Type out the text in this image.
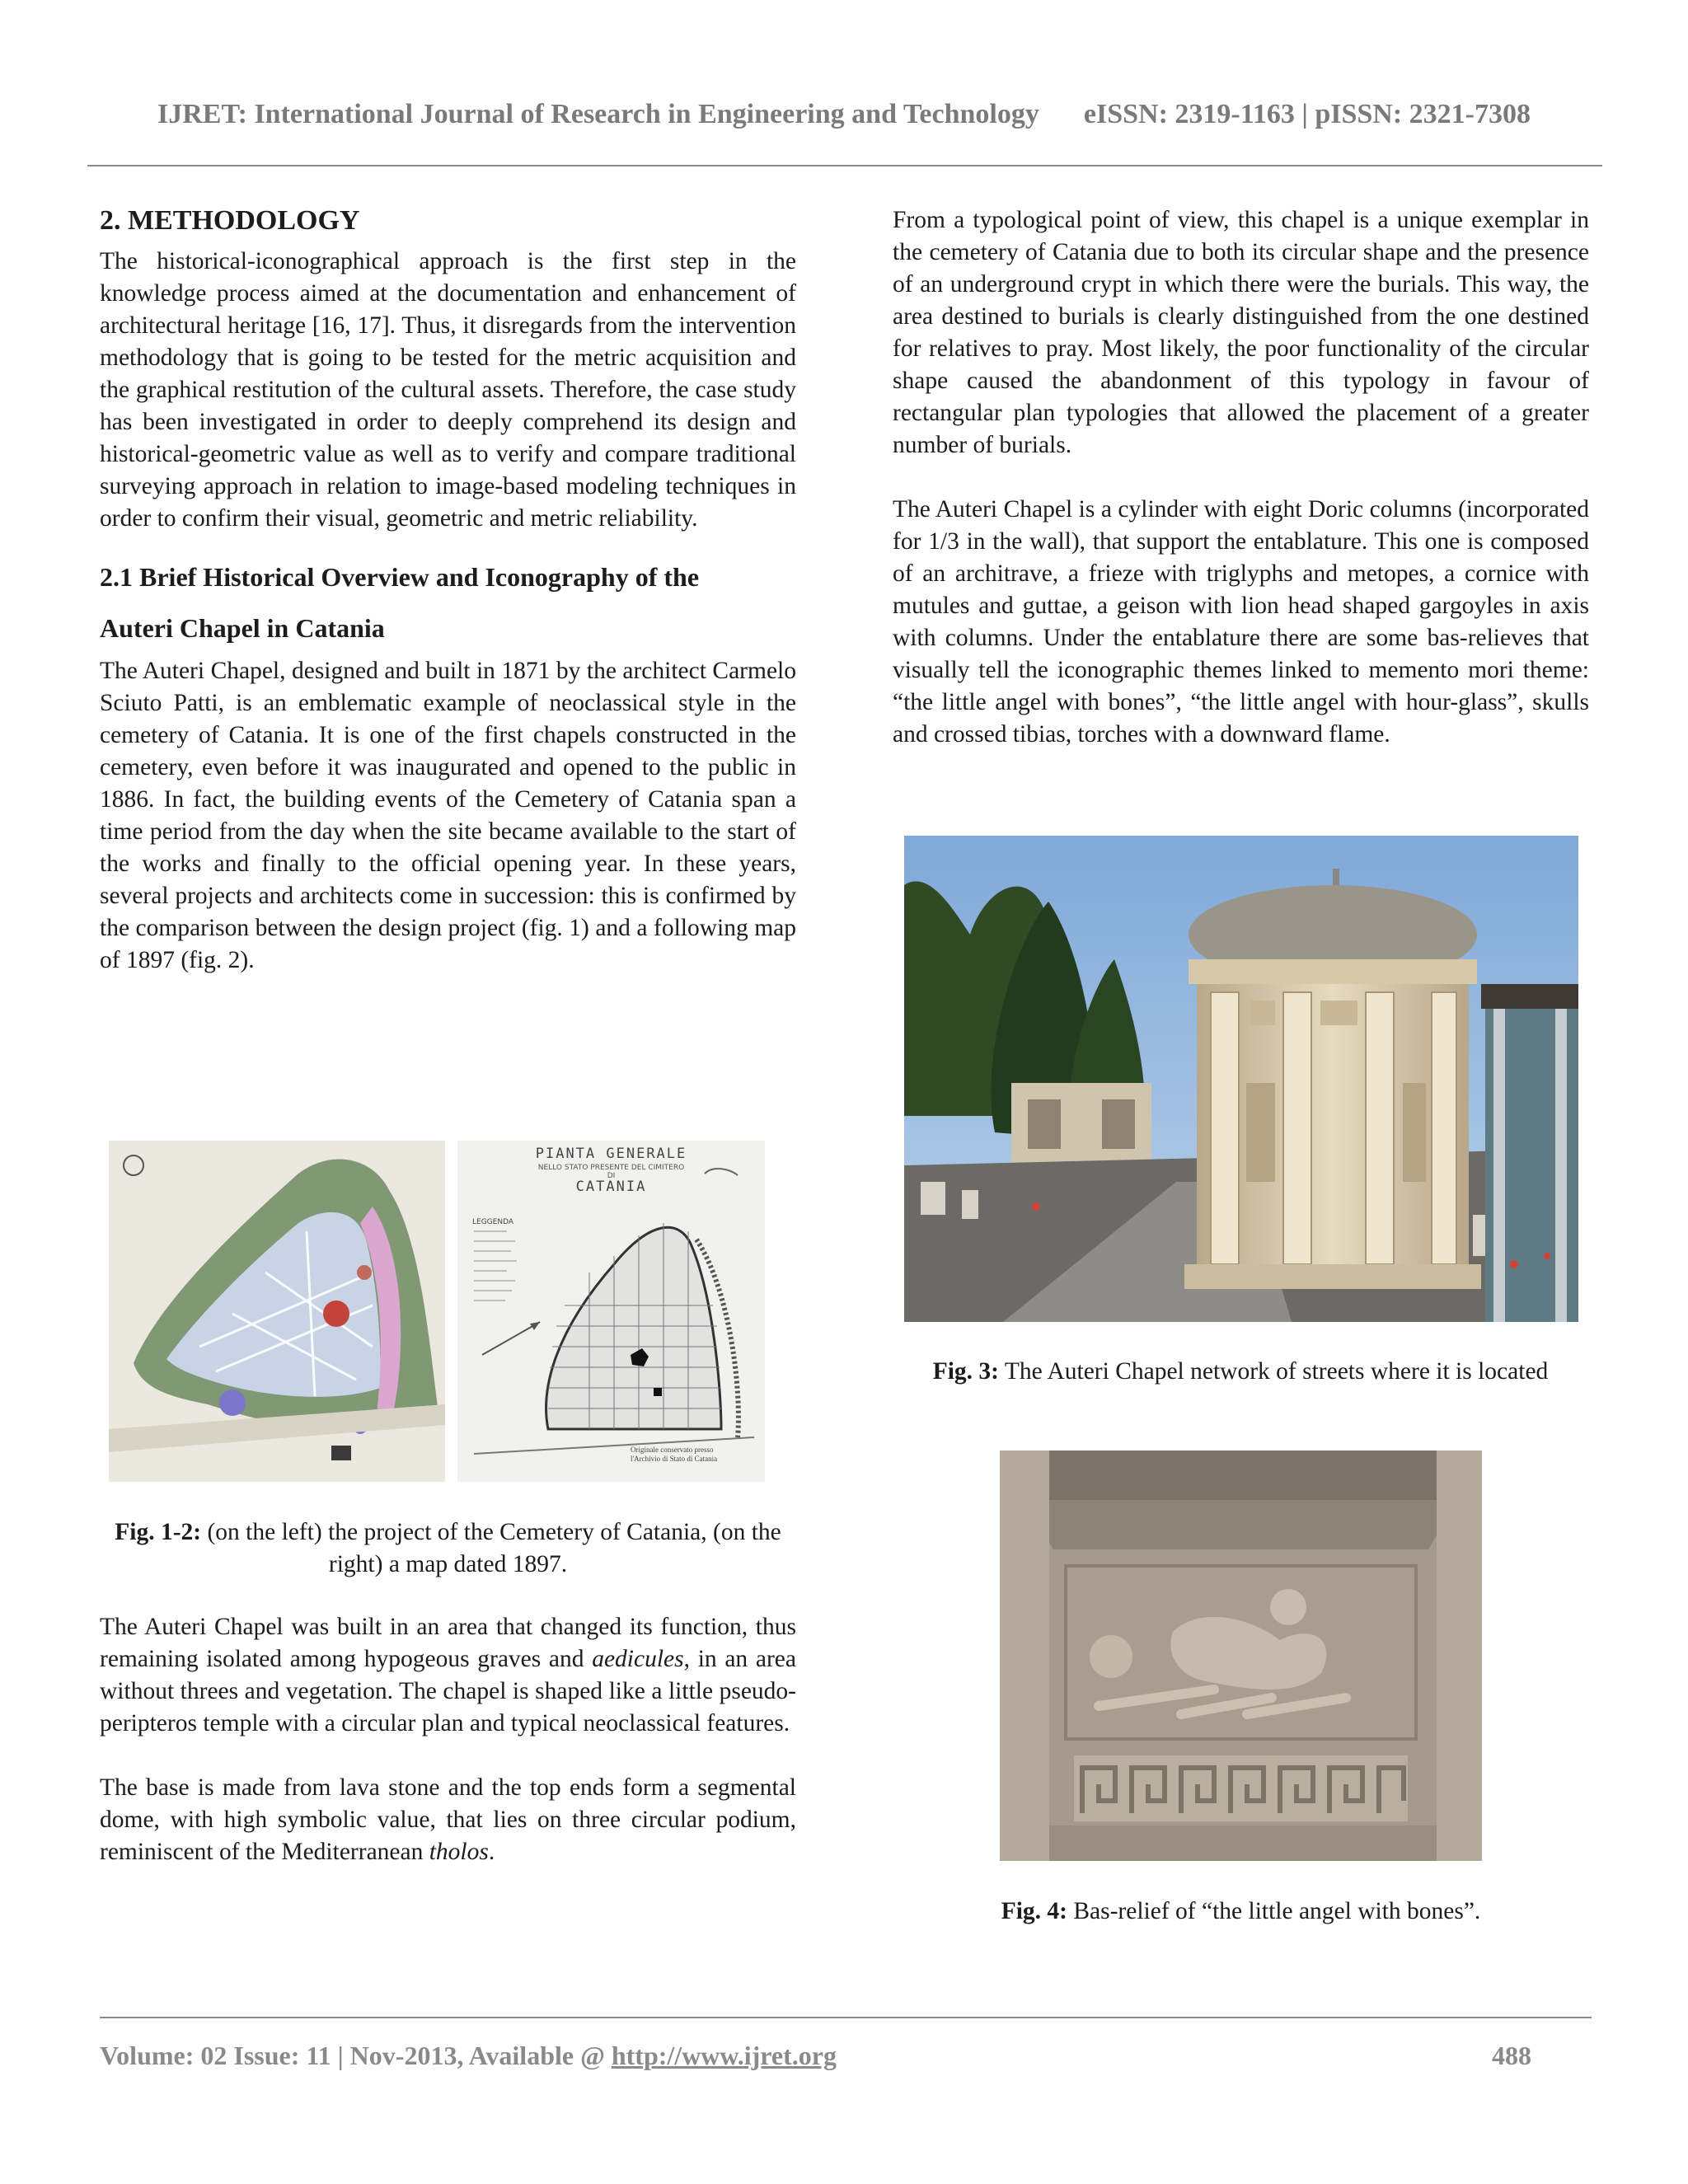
IJRET: International Journal of Research in Engineering and Technology eISSN: 2319-1163 | pISSN: 2321-7308

2. METHODOLOGY

The historical-iconographical approach is the first step in the knowledge process aimed at the documentation and enhancement of architectural heritage [16, 17]. Thus, it disregards from the intervention methodology that is going to be tested for the metric acquisition and the graphical restitution of the cultural assets. Therefore, the case study has been investigated in order to deeply comprehend its design and historical-geometric value as well as to verify and compare traditional surveying approach in relation to image-based modeling techniques in order to confirm their visual, geometric and metric reliability.

2.1 Brief Historical Overview and Iconography of the

Auteri Chapel in Catania

The Auteri Chapel, designed and built in 1871 by the architect Carmelo Sciuto Patti, is an emblematic example of neoclassical style in the cemetery of Catania. It is one of the first chapels constructed in the cemetery, even before it was inaugurated and opened to the public in 1886. In fact, the building events of the Cemetery of Catania span a time period from the day when the site became available to the start of the works and finally to the official opening year. In these years, several projects and architects come in succession: this is confirmed by the comparison between the design project (fig. 1) and a following map of 1897 (fig. 2).

PIANTA GENERALE
NELLO STATO PRESENTE DEL CIMITERO
DI
CATANIA
LEGGENDA
Originale conservato presso
l'Archivio di Stato di Catania
Fig. 1-2: (on the left) the project of the Cemetery of Catania, (on the right) a map dated 1897.

The Auteri Chapel was built in an area that changed its function, thus remaining isolated among hypogeous graves and aedicules, in an area without threes and vegetation. The chapel is shaped like a little pseudo-peripteros temple with a circular plan and typical neoclassical features.

The base is made from lava stone and the top ends form a segmental dome, with high symbolic value, that lies on three circular podium, reminiscent of the Mediterranean tholos.

From a typological point of view, this chapel is a unique exemplar in the cemetery of Catania due to both its circular shape and the presence of an underground crypt in which there were the burials. This way, the area destined to burials is clearly distinguished from the one destined for relatives to pray. Most likely, the poor functionality of the circular shape caused the abandonment of this typology in favour of rectangular plan typologies that allowed the placement of a greater number of burials.

The Auteri Chapel is a cylinder with eight Doric columns (incorporated for 1/3 in the wall), that support the entablature. This one is composed of an architrave, a frieze with triglyphs and metopes, a cornice with mutules and guttae, a geison with lion head shaped gargoyles in axis with columns. Under the entablature there are some bas-relieves that visually tell the iconographic themes linked to memento mori theme: “the little angel with bones”, “the little angel with hour-glass”, skulls and crossed tibias, torches with a downward flame.

Fig. 3: The Auteri Chapel network of streets where it is located
Fig. 4: Bas-relief of “the little angel with bones”.
Volume: 02 Issue: 11 | Nov-2013, Available @ http://www.ijret.org	488
